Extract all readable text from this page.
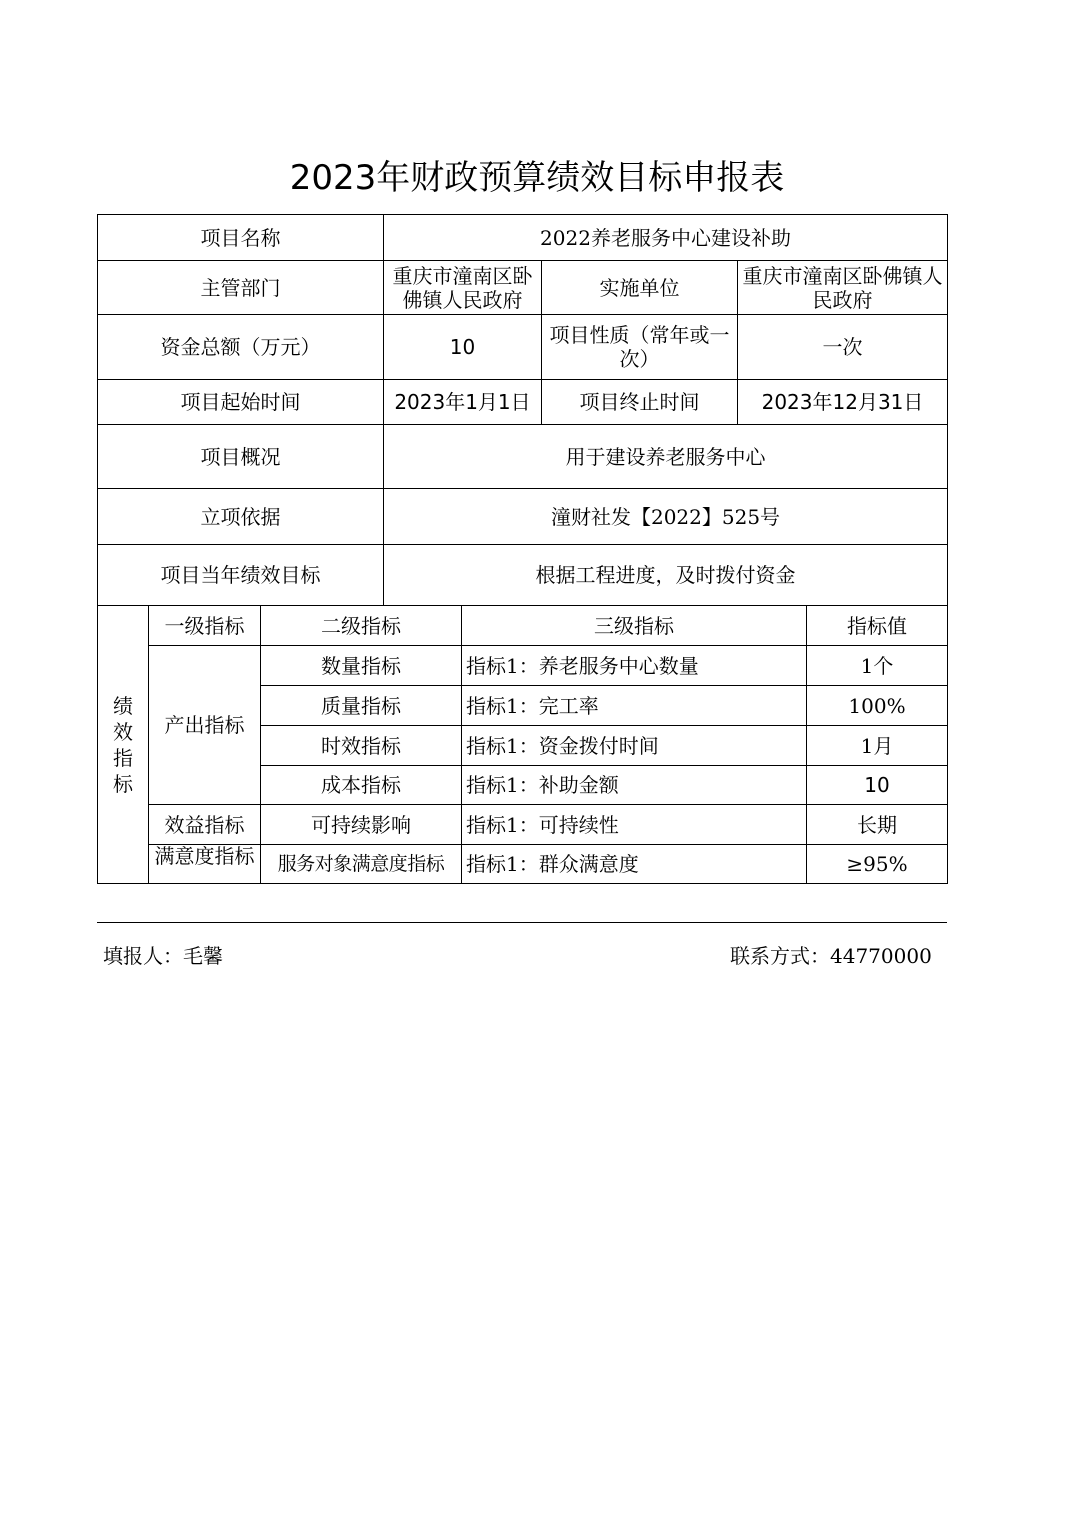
2023年财政预算绩效目标申报表
项目名称	2022养老服务中心建设补助		
主管部门	重庆市潼南区卧佛镇人民政府	实施单位	重庆市潼南区卧佛镇人民政府
资金总额（万元）	10	项目性质（常年或一次）	一次
项目起始时间	2023年1月1日	项目终止时间	2023年12月31日
项目概况	用于建设养老服务中心		
立项依据	潼财社发【2022】525号		
项目当年绩效目标	根据工程进度，及时拨付资金		
绩效指标	一级指标	二级指标	三级指标	指标值
	产出指标	数量指标	指标1：养老服务中心数量	1个
		质量指标	指标1：完工率	100%
		时效指标	指标1：资金拨付时间	1月
		成本指标	指标1：补助金额	10
	效益指标	可持续影响	指标1：可持续性	长期

	满意度指标	服务对象满意度指标	指标1：群众满意度	≥95%
填报人：毛馨	联系方式：44770000
